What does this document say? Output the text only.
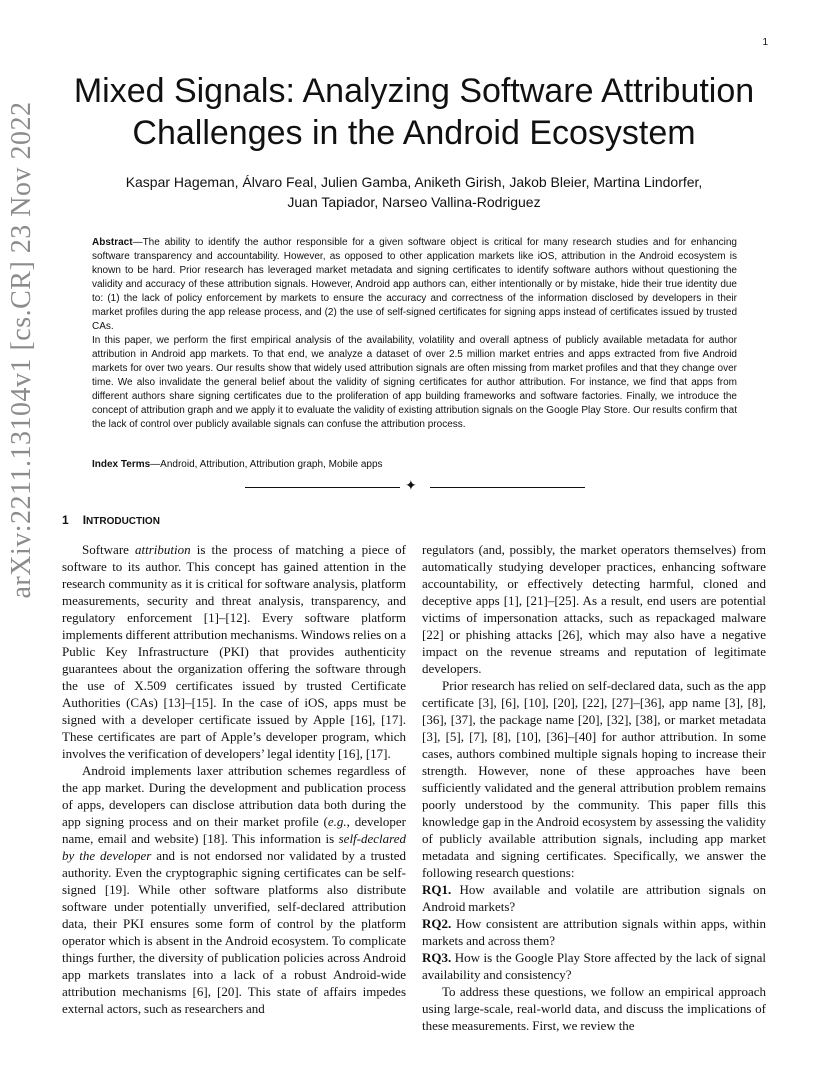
1
arXiv:2211.13104v1 [cs.CR] 23 Nov 2022
Mixed Signals: Analyzing Software Attribution
Challenges in the Android Ecosystem
Kaspar Hageman, Álvaro Feal, Julien Gamba, Aniketh Girish, Jakob Bleier, Martina Lindorfer,
Juan Tapiador, Narseo Vallina-Rodriguez

Abstract—The ability to identify the author responsible for a given software object is critical for many research studies and for enhancing software transparency and accountability. However, as opposed to other application markets like iOS, attribution in the Android ecosystem is known to be hard. Prior research has leveraged market metadata and signing certificates to identify software authors without questioning the validity and accuracy of these attribution signals. However, Android app authors can, either intentionally or by mistake, hide their true identity due to: (1) the lack of policy enforcement by markets to ensure the accuracy and correctness of the information disclosed by developers in their market profiles during the app release process, and (2) the use of self-signed certificates for signing apps instead of certificates issued by trusted CAs.

In this paper, we perform the first empirical analysis of the availability, volatility and overall aptness of publicly available metadata for author attribution in Android app markets. To that end, we analyze a dataset of over 2.5 million market entries and apps extracted from five Android markets for over two years. Our results show that widely used attribution signals are often missing from market profiles and that they change over time. We also invalidate the general belief about the validity of signing certificates for author attribution. For instance, we find that apps from different authors share signing certificates due to the proliferation of app building frameworks and software factories. Finally, we introduce the concept of attribution graph and we apply it to evaluate the validity of existing attribution signals on the Google Play Store. Our results confirm that the lack of control over publicly available signals can confuse the attribution process.

Index Terms—Android, Attribution, Attribution graph, Mobile apps
✦
1 INTRODUCTION

Software attribution is the process of matching a piece of software to its author. This concept has gained attention in the research community as it is critical for software analysis, platform measurements, security and threat analysis, transparency, and regulatory enforcement [1]–[12]. Every software platform implements different attribution mechanisms. Windows relies on a Public Key Infrastructure (PKI) that provides authenticity guarantees about the organization offering the software through the use of X.509 certificates issued by trusted Certificate Authorities (CAs) [13]–[15]. In the case of iOS, apps must be signed with a developer certificate issued by Apple [16], [17]. These certificates are part of Apple’s developer program, which involves the verification of developers’ legal identity [16], [17].

Android implements laxer attribution schemes regardless of the app market. During the development and publication process of apps, developers can disclose attribution data both during the app signing process and on their market profile (e.g., developer name, email and website) [18]. This information is self-declared by the developer and is not endorsed nor validated by a trusted authority. Even the cryptographic signing certificates can be self-signed [19]. While other software platforms also distribute software under potentially unverified, self-declared attribution data, their PKI ensures some form of control by the platform operator which is absent in the Android ecosystem. To complicate things further, the diversity of publication policies across Android app markets translates into a lack of a robust Android-wide attribution mechanisms [6], [20]. This state of affairs impedes external actors, such as researchers and

regulators (and, possibly, the market operators themselves) from automatically studying developer practices, enhancing software accountability, or effectively detecting harmful, cloned and deceptive apps [1], [21]–[25]. As a result, end users are potential victims of impersonation attacks, such as repackaged malware [22] or phishing attacks [26], which may also have a negative impact on the revenue streams and reputation of legitimate developers.

Prior research has relied on self-declared data, such as the app certificate [3], [6], [10], [20], [22], [27]–[36], app name [3], [8], [36], [37], the package name [20], [32], [38], or market metadata [3], [5], [7], [8], [10], [36]–[40] for author attribution. In some cases, authors combined multiple signals hoping to increase their strength. However, none of these approaches have been sufficiently validated and the general attribution problem remains poorly understood by the community. This paper fills this knowledge gap in the Android ecosystem by assessing the validity of publicly available attribution signals, including app market metadata and signing certificates. Specifically, we answer the following research questions:

RQ1. How available and volatile are attribution signals on Android markets?

RQ2. How consistent are attribution signals within apps, within markets and across them?

RQ3. How is the Google Play Store affected by the lack of signal availability and consistency?

To address these questions, we follow an empirical approach using large-scale, real-world data, and discuss the implications of these measurements. First, we review the
